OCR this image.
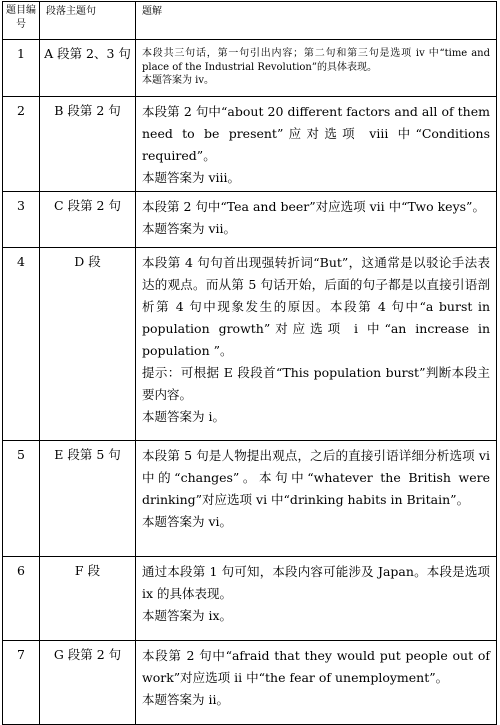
题目编号	段落主题句	题解
1	A 段第 2、3 句	本段共三句话，第一句引出内容；第二句和第三句是选项 iv 中“time and place of the Industrial Revolution”的具体表现。

本题答案为 iv。

2	B 段第 2 句	本段第 2 句中“about 20 different factors and all of them need to be present”应对选项 viii 中“Conditions required”。

本题答案为 viii。

3	C 段第 2 句	本段第 2 句中“Tea and beer”对应选项 vii 中“Two keys”。

本题答案为 vii。

4	D 段	本段第 4 句句首出现强转折词“But”，这通常是以驳论手法表达的观点。而从第 5 句话开始，后面的句子都是以直接引语剖析第 4 句中现象发生的原因。本段第 4 句中“a burst in population growth”对应选项 i 中“an increase in population ”。

提示：可根据 E 段段首“This population burst”判断本段主要内容。

本题答案为 i。

5	E 段第 5 句	本段第 5 句是人物提出观点，之后的直接引语详细分析选项 vi 中的“changes”。本句中“whatever the British were drinking”对应选项 vi 中“drinking habits in Britain”。

本题答案为 vi。

6	F 段	通过本段第 1 句可知，本段内容可能涉及 Japan。本段是选项 ix 的具体表现。

本题答案为 ix。

7	G 段第 2 句	本段第 2 句中“afraid that they would put people out of work”对应选项 ii 中“the fear of unemployment”。

本题答案为 ii。
